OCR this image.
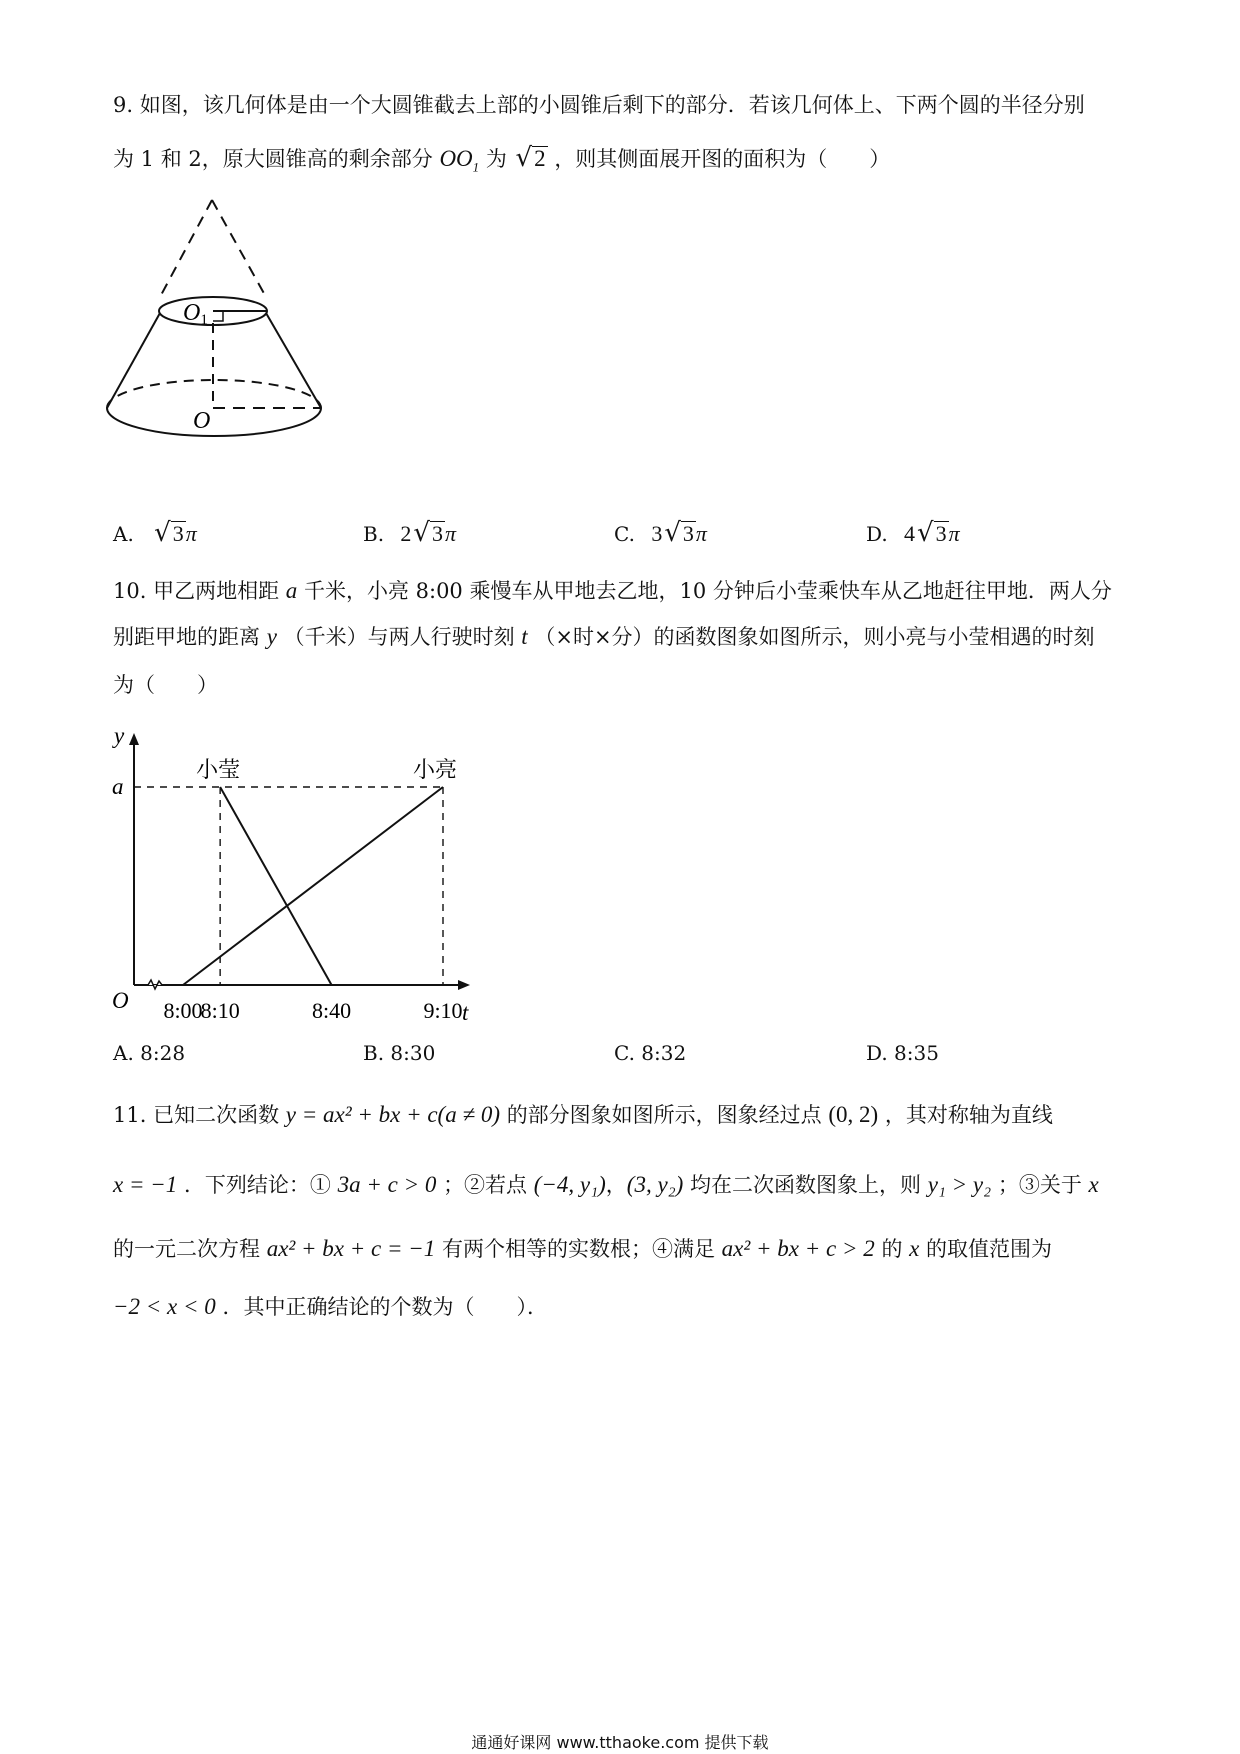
9. 如图，该几何体是由一个大圆锥截去上部的小圆锥后剩下的部分．若该几何体上、下两个圆的半径分别
为 1 和 2，原大圆锥高的剩余部分 $OO_1$ 为 √2 ，则其侧面展开图的面积为（　　）
O1
O
A. √3π	B. 2√3π	C. 3√3π	D. 4√3π
10. 甲乙两地相距 a 千米，小亮 8:00 乘慢车从甲地去乙地，10 分钟后小莹乘快车从乙地赶往甲地．两人分
别距甲地的距离 y （千米）与两人行驶时刻 t （×时×分）的函数图象如图所示，则小亮与小莹相遇的时刻
为（　　）
小莹	小亮
8:00
8:10	8:40	9:10
a
O	t
y
A. 8:28	B. 8:30	C. 8:32	D. 8:35
11. 已知二次函数 y = ax² + bx + c(a ≠ 0) 的部分图象如图所示，图象经过点 (0, 2) ，其对称轴为直线
x = −1 ．下列结论：① 3a + c > 0 ；②若点 (−4, y₁)，(3, y₂) 均在二次函数图象上，则 y₁ > y₂ ；③关于 x
的一元二次方程 ax² + bx + c = −1 有两个相等的实数根；④满足 ax² + bx + c > 2 的 x 的取值范围为
−2 < x < 0 ．其中正确结论的个数为（　　）．
通通好课网 www.tthaoke.com 提供下载
